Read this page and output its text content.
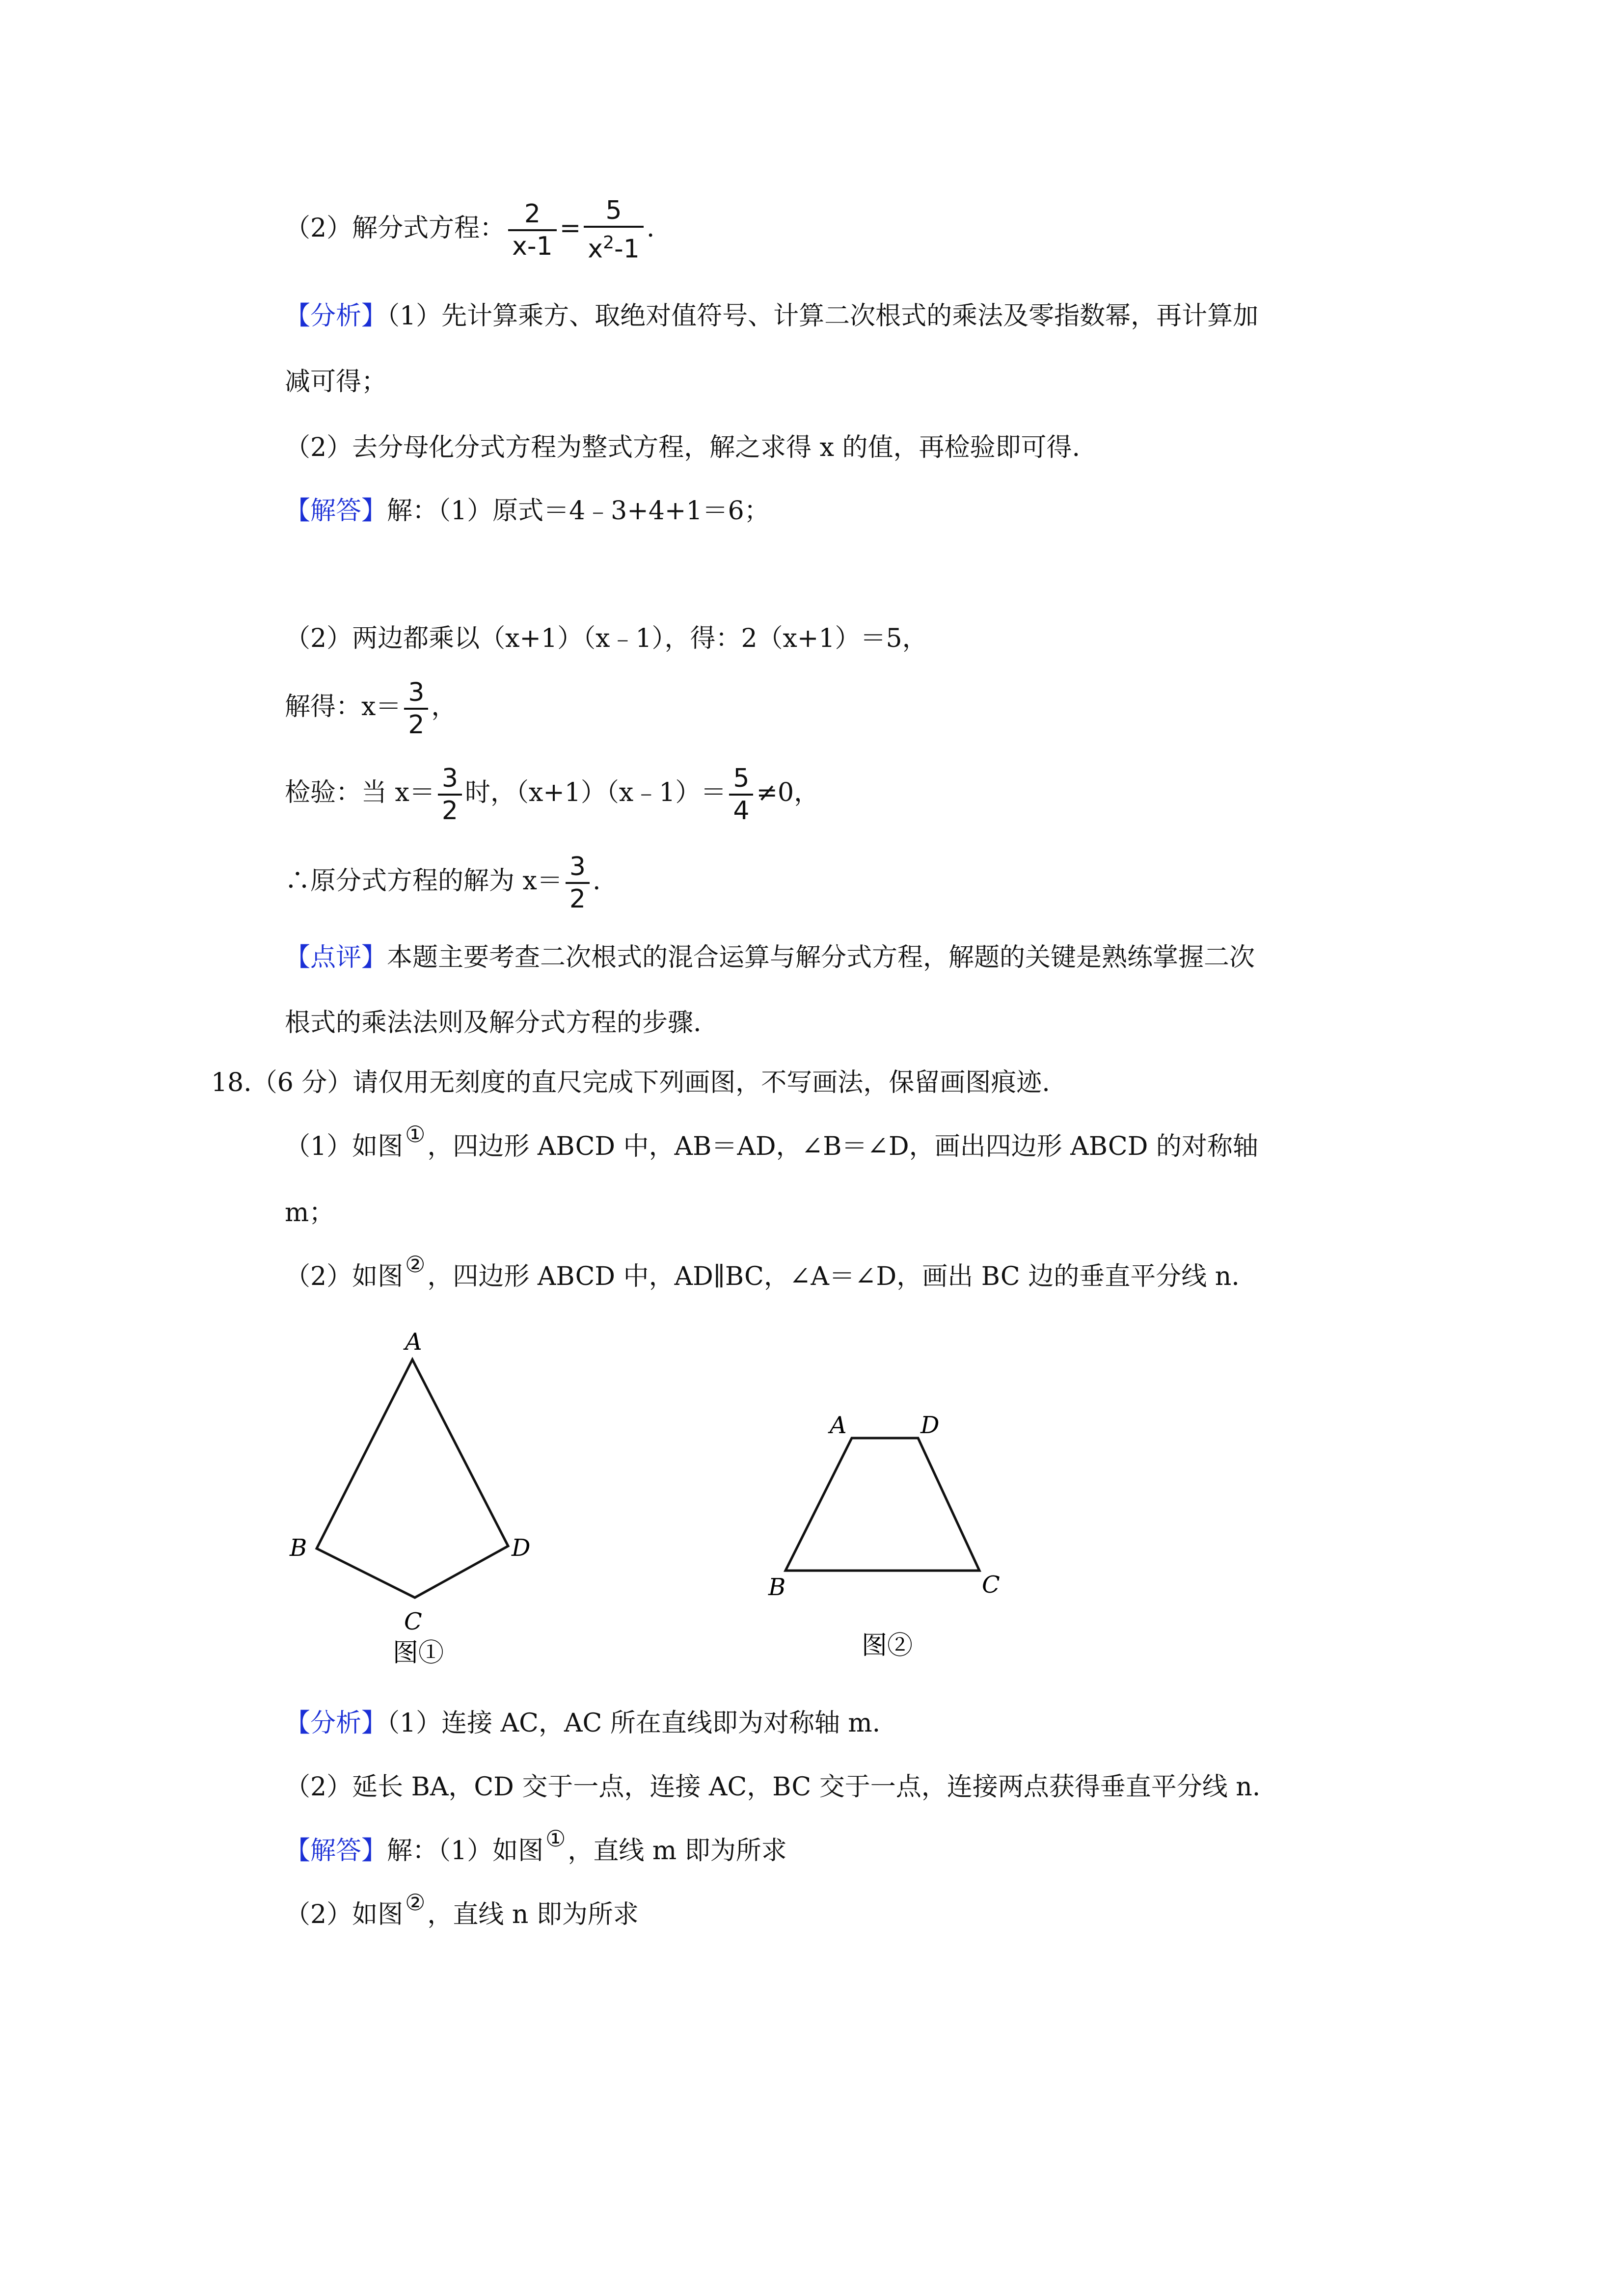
（2）解分式方程： $\frac{2}{x-1} = \frac{5}{x^2-1}$ .
【分析】（1）先计算乘方、取绝对值符号、计算二次根式的乘法及零指数幂，再计算加
减可得；
（2）去分母化分式方程为整式方程，解之求得 x 的值，再检验即可得.
【解答】解：（1）原式＝4﹣3+4+1＝6；
（2）两边都乘以（x+1）（x﹣1），得：2（x+1）＝5，
解得：$x= \frac{3}{2}$ ，
检验：当 $x= \frac{3}{2}$ 时，（x+1）（x﹣1）＝ $\frac{5}{4} \ne 0$，
∴原分式方程的解为 $x= \frac{3}{2}$ .
【点评】本题主要考查二次根式的混合运算与解分式方程，解题的关键是熟练掌握二次
根式的乘法法则及解分式方程的步骤.
18.（6 分）请仅用无刻度的直尺完成下列画图，不写画法，保留画图痕迹.
（1）如图①，四边形 ABCD 中，AB＝AD，∠B＝∠D，画出四边形 ABCD 的对称轴
m；
（2）如图②，四边形 ABCD 中，AD∥BC，∠A＝∠D，画出 BC 边的垂直平分线 n.
A
B
C
D
图①
A	D
B	C
图②
【分析】（1）连接 AC，AC 所在直线即为对称轴 m.
（2）延长 BA，CD 交于一点，连接 AC，BC 交于一点，连接两点获得垂直平分线 n.
【解答】解：（1）如图①，直线 m 即为所求
（2）如图②，直线 n 即为所求
